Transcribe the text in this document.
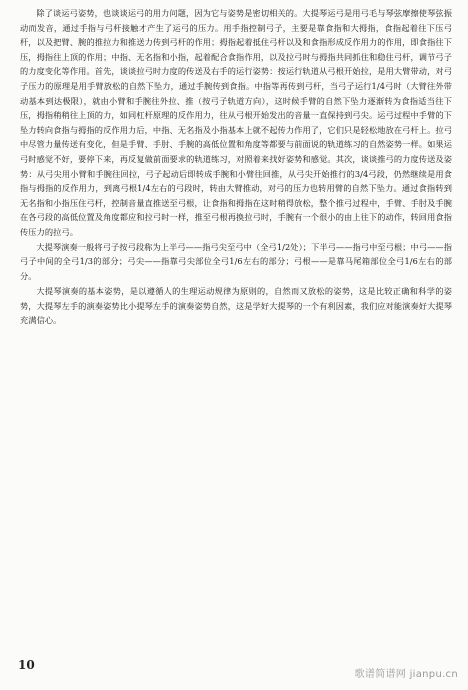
除了谈运弓姿势，也谈谈运弓的用力问题，因为它与姿势是密切相关的。大提琴运弓是用弓毛与琴弦摩擦使琴弦振动而发音，通过手指与弓杆接触才产生了运弓的压力。用手指控制弓子，主要是靠食指和大拇指，食指起着往下压弓杆，以及把臂、腕的推拉力和推送力传到弓杆的作用；拇指起着抵住弓杆以及和食指形成反作用力的作用，即食指往下压，拇指往上顶的作用；中指、无名指和小指，起着配合食指作用，以及拉弓时与拇指共同抓住和稳住弓杆，调节弓子的力度变化等作用。首先，谈谈拉弓时力度的传送及右手的运行姿势：按运行轨道从弓根开始拉，是用大臂带动，对弓子压力的原理是用手臂放松的自然下坠力，通过手腕传到食指。中指等再传到弓杆，当弓子运行1/4弓时（大臂往外带动基本到达极限），就由小臂和手腕往外拉、推（按弓子轨道方向），这时候手臂的自然下坠力逐渐转为食指适当往下压，拇指稍稍往上顶的力，如同杠杆原理的反作用力，往从弓根开始发出的音量一直保持到弓尖。运弓过程中手臂的下坠力转向食指与拇指的反作用力后，中指、无名指及小指基本上就不起传力作用了，它们只是轻松地放在弓杆上。拉弓中尽管力量传送有变化，但是手臂、手肘、手腕的高低位置和角度等都要与前面说的轨道练习的自然姿势一样。如果运弓时感觉不好，要停下来，再反复做前面要求的轨道练习，对照着来找好姿势和感觉。其次，谈谈推弓的力度传送及姿势：从弓尖用小臂和手腕往回拉，弓子起动后即转成手腕和小臂往回推，从弓尖开始推行的3/4弓段，仍然继续是用食指与拇指的反作用力，到离弓根1/4左右的弓段时，转由大臂推动，对弓的压力也转用臂的自然下坠力。通过食指转到无名指和小指压住弓杆，控制音量直推送至弓根，让食指和拇指在这时稍得放松，整个推弓过程中，手臂、手肘及手腕在各弓段的高低位置及角度都应和拉弓时一样，推至弓根再换拉弓时，手腕有一个很小的由上往下的动作，转回用食指传压力的拉弓。

大提琴演奏一般将弓子按弓段称为上半弓——指弓尖至弓中（全弓1/2处）；下半弓——指弓中至弓根；中弓——指弓子中间的全弓1/3的部分；弓尖——指靠弓尖部位全弓1/6左右的部分；弓根——是靠马尾箱部位全弓1/6左右的部分。

大提琴演奏的基本姿势，是以遵循人的生理运动规律为原则的，自然而又放松的姿势，这是比较正确和科学的姿势，大提琴左手的演奏姿势比小提琴左手的演奏姿势自然，这是学好大提琴的一个有利因素，我们应对能演奏好大提琴充满信心。

10
歌谱简谱网 jianpu.cn
